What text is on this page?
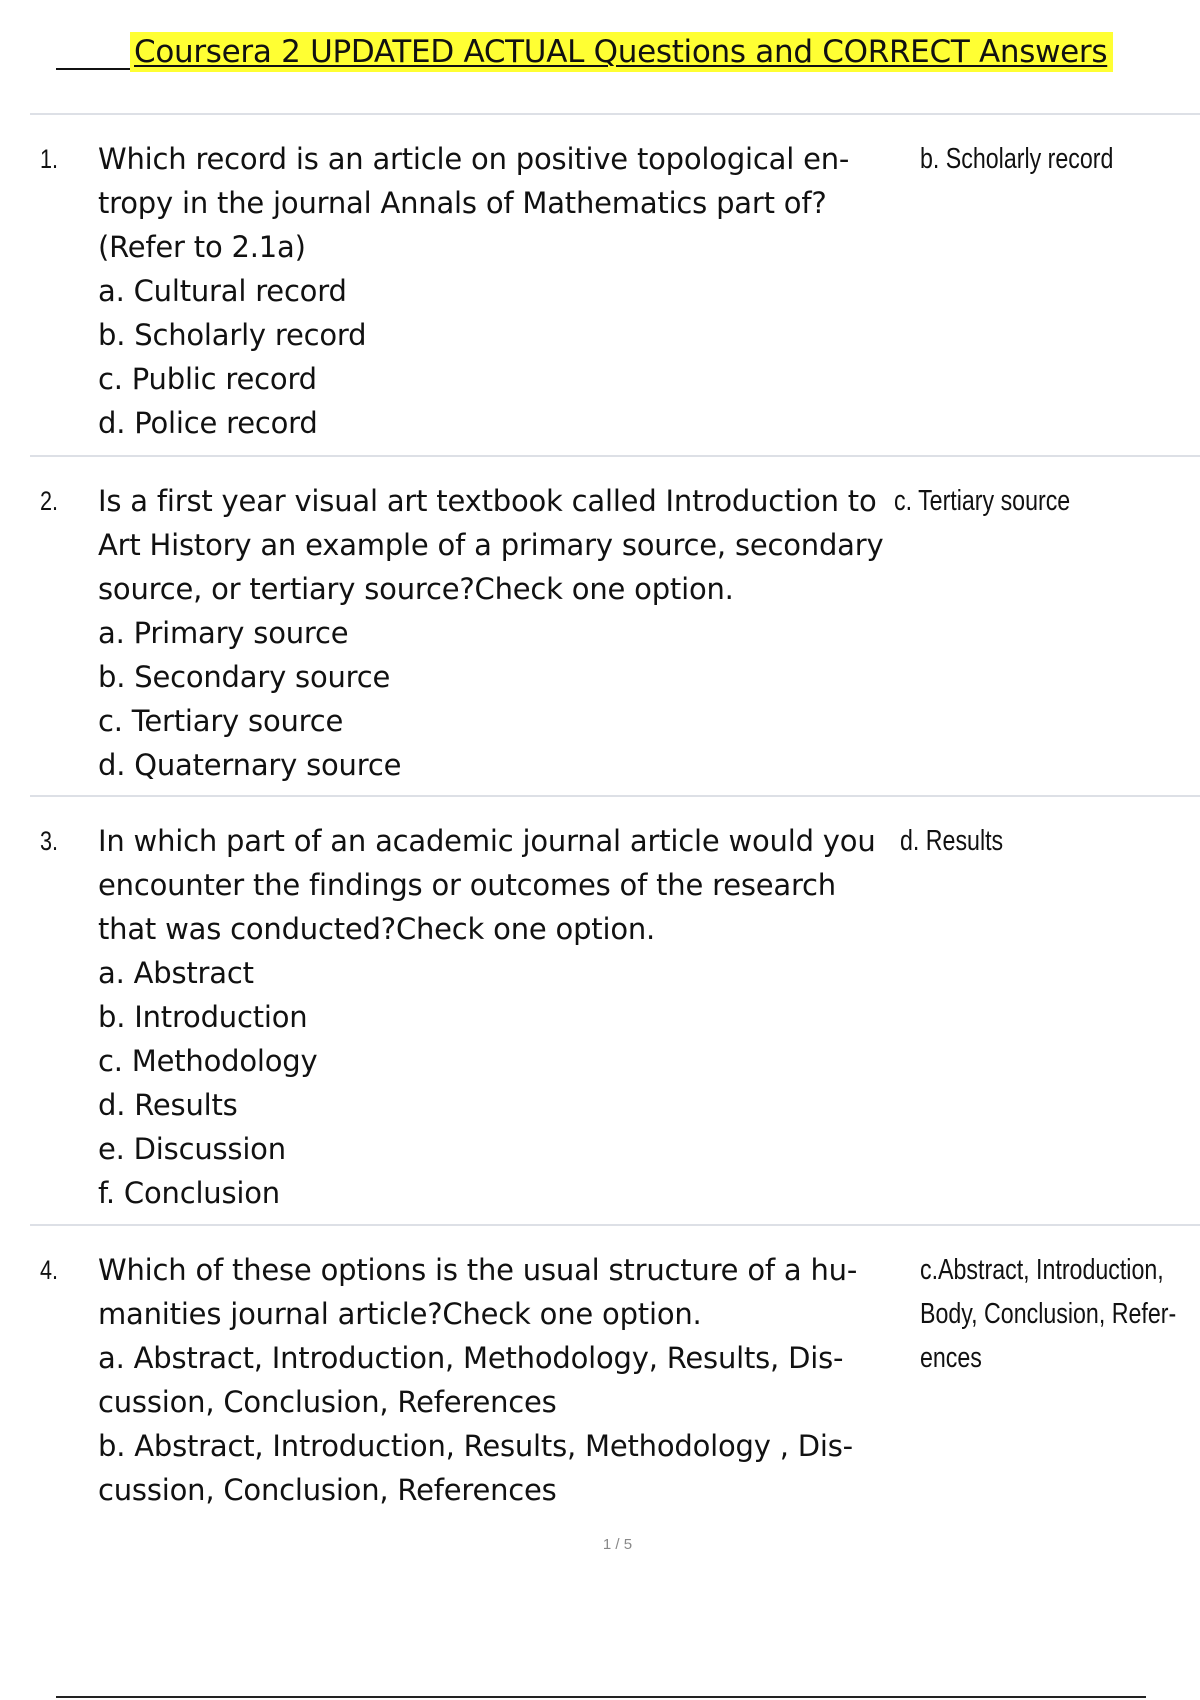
Coursera 2 UPDATED ACTUAL Questions and CORRECT Answers
1. Which record is an article on positive topological en-

tropy in the journal Annals of Mathematics part of?

(Refer to 2.1a)

a. Cultural record

b. Scholarly record

c. Public record

d. Police record

b. Scholarly record
2. Is a first year visual art textbook called Introduction to

Art History an example of a primary source, secondary

source, or tertiary source?Check one option.

a. Primary source

b. Secondary source

c. Tertiary source

d. Quaternary source

c. Tertiary source
3. In which part of an academic journal article would you

encounter the findings or outcomes of the research

that was conducted?Check one option.

a. Abstract

b. Introduction

c. Methodology

d. Results

e. Discussion

f. Conclusion

d. Results
4. Which of these options is the usual structure of a hu-

manities journal article?Check one option.

a. Abstract, Introduction, Methodology, Results, Dis-

cussion, Conclusion, References

b. Abstract, Introduction, Results, Methodology , Dis-

cussion, Conclusion, References

c.Abstract, Introduction,
Body, Conclusion, Refer-
ences
1 / 5
